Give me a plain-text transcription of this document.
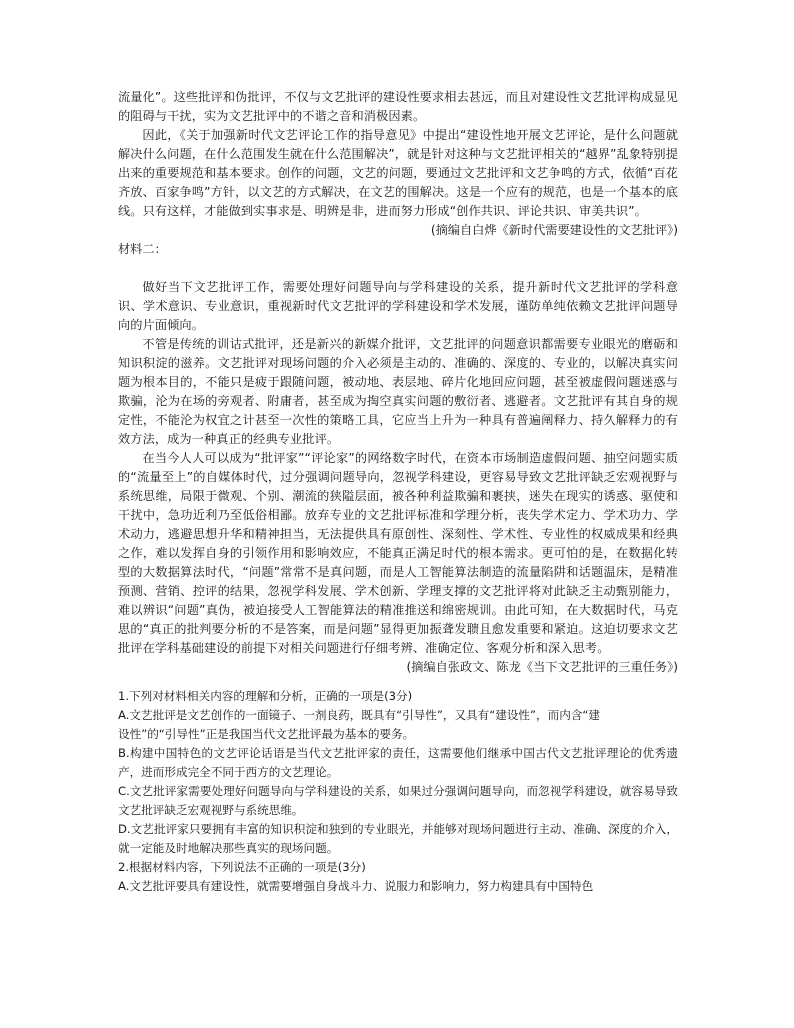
流量化”。这些批评和伪批评，不仅与文艺批评的建设性要求相去甚远，而且对建设性文艺批评构成显见的阻碍与干扰，实为文艺批评中的不谐之音和消极因素。

因此，《关于加强新时代文艺评论工作的指导意见》中提出“建设性地开展文艺评论，是什么问题就解决什么问题，在什么范围发生就在什么范围解决”，就是针对这种与文艺批评相关的“越界”乱象特别提出来的重要规范和基本要求。创作的问题，文艺的问题，要通过文艺批评和文艺争鸣的方式，依循“百花齐放、百家争鸣”方针，以文艺的方式解决，在文艺的围解决。这是一个应有的规范，也是一个基本的底线。只有这样，才能做到实事求是、明辨是非，进而努力形成“创作共识、评论共识、审美共识”。

(摘编自白烨《新时代需要建设性的文艺批评》)

材料二：

做好当下文艺批评工作，需要处理好问题导向与学科建设的关系，提升新时代文艺批评的学科意识、学术意识、专业意识，重视新时代文艺批评的学科建设和学术发展，谨防单纯依赖文艺批评问题导向的片面倾向。

不管是传统的训诂式批评，还是新兴的新媒介批评，文艺批评的问题意识都需要专业眼光的磨砺和知识积淀的滋养。文艺批评对现场问题的介入必须是主动的、准确的、深度的、专业的，以解决真实问题为根本目的，不能只是疲于跟随问题，被动地、表层地、碎片化地回应问题，甚至被虚假问题迷惑与欺骗，沦为在场的旁观者、附庸者，甚至成为掏空真实问题的敷衍者、逃避者。文艺批评有其自身的规定性，不能沦为权宜之计甚至一次性的策略工具，它应当上升为一种具有普遍阐释力、持久解释力的有效方法，成为一种真正的经典专业批评。

在当今人人可以成为“批评家”“评论家”的网络数字时代，在资本市场制造虚假问题、抽空问题实质的“流量至上”的自媒体时代，过分强调问题导向，忽视学科建设，更容易导致文艺批评缺乏宏观视野与系统思维，局限于微观、个别、潮流的狭隘层面，被各种利益欺骗和裹挟，迷失在现实的诱惑、驱使和干扰中，急功近利乃至低俗相鄙。放弃专业的文艺批评标准和学理分析，丧失学术定力、学术功力、学术动力，逃避思想升华和精神担当，无法提供具有原创性、深刻性、学术性、专业性的权威成果和经典之作，难以发挥自身的引领作用和影响效应，不能真正满足时代的根本需求。更可怕的是，在数据化转型的大数据算法时代，“问题”常常不是真问题，而是人工智能算法制造的流量陷阱和话题温床，是精准预测、营销、控评的结果，忽视学科发展、学术创新、学理支撑的文艺批评将对此缺乏主动甄别能力，难以辨识“问题”真伪，被迫接受人工智能算法的精准推送和绵密规训。由此可知，在大数据时代，马克思的“真正的批判要分析的不是答案，而是问题”显得更加振聋发聩且愈发重要和紧迫。这迫切要求文艺批评在学科基础建设的前提下对相关问题进行仔细考辨、准确定位、客观分析和深入思考。

(摘编自张政文、陈龙《当下文艺批评的三重任务》)

1.下列对材料相关内容的理解和分析，正确的一项是(3分)

A.文艺批评是文艺创作的一面镜子、一剂良药，既具有“引导性”，又具有“建设性”，而内含“建

设性”的“引导性”正是我国当代文艺批评最为基本的要务。

B.构建中国特色的文艺评论话语是当代文艺批评家的责任，这需要他们继承中国古代文艺批评理论的优秀遗产，进而形成完全不同于西方的文艺理论。

C.文艺批评家需要处理好问题导向与学科建设的关系，如果过分强调问题导向，而忽视学科建设，就容易导致文艺批评缺乏宏观视野与系统思维。

D.文艺批评家只要拥有丰富的知识积淀和独到的专业眼光，并能够对现场问题进行主动、准确、深度的介入，就一定能及时地解决那些真实的现场问题。

2.根据材料内容，下列说法不正确的一项是(3分)

A.文艺批评要具有建设性，就需要增强自身战斗力、说服力和影响力，努力构建具有中国特色
